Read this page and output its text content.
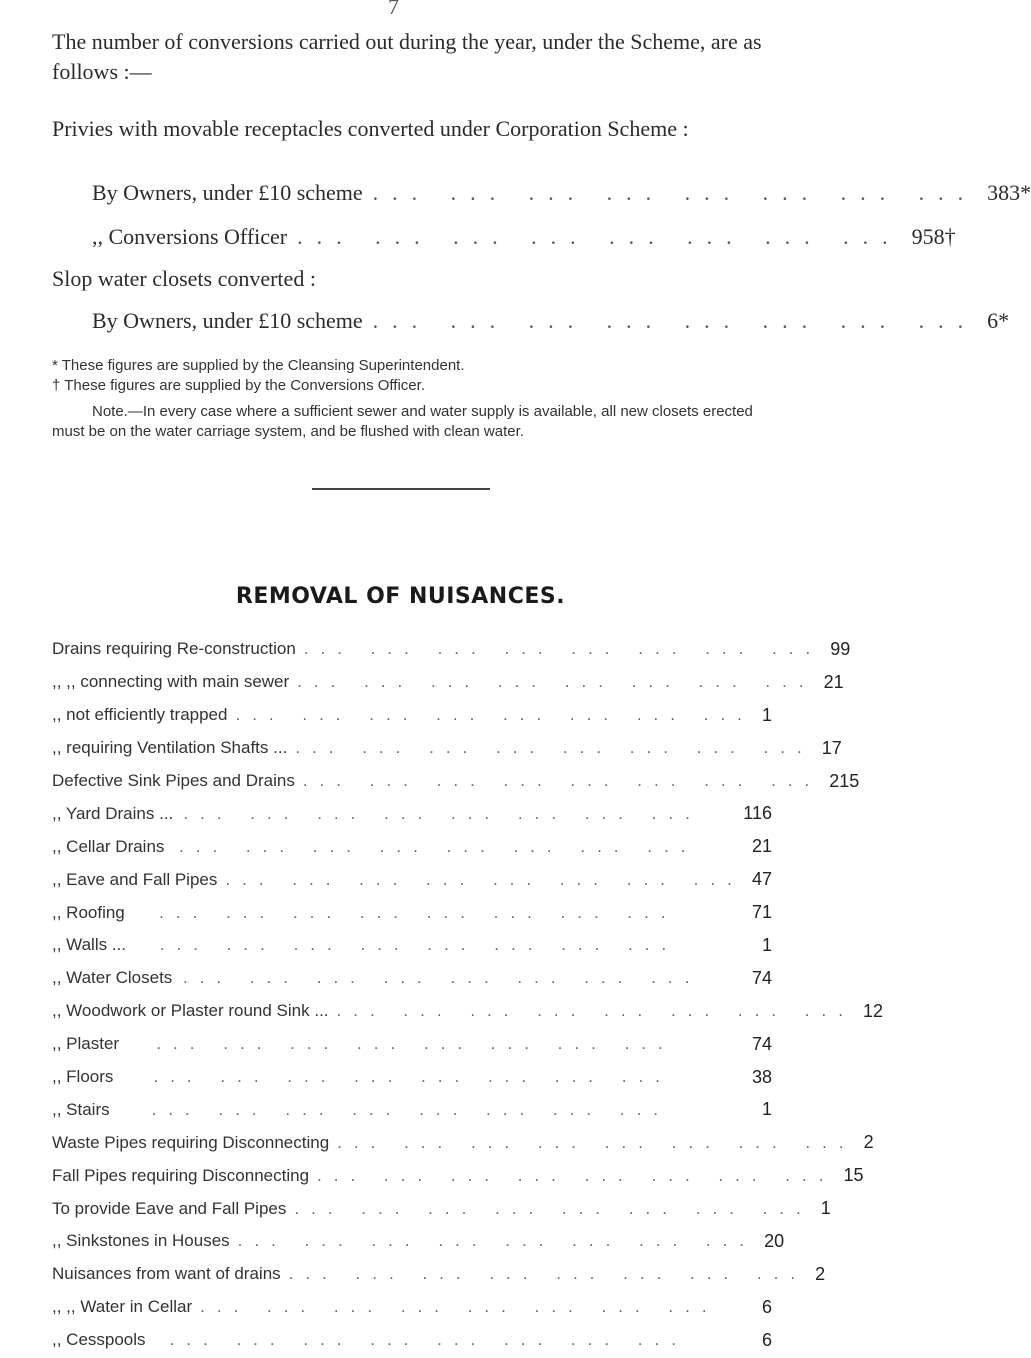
7
The number of conversions carried out during the year, under the Scheme, are as follows :—
Privies with movable receptacles converted under Corporation Scheme :
By Owners, under £10 scheme ... ... ... ... ... ... ... ... 383*
,, Conversions Officer ... ... ... ... ... ... ... ... 958†
Slop water closets converted :
By Owners, under £10 scheme ... ... ... ... ... ... ... ... 6*
* These figures are supplied by the Cleansing Superintendent.
† These figures are supplied by the Conversions Officer.
Note.—In every case where a sufficient sewer and water supply is available, all new closets erected must be on the water carriage system, and be flushed with clean water.
REMOVAL OF NUISANCES.
Drains requiring Re-construction ... ... ... ... ... ... ... ... 99
,, ,, connecting with main sewer ... ... ... ... ... ... ... ... 21
,, not efficiently trapped ... ... ... ... ... ... ... ... 1
,, requiring Ventilation Shafts ... ... ... ... ... ... ... ... ... 17
Defective Sink Pipes and Drains ... ... ... ... ... ... ... ... 215
,, Yard Drains ... ... ... ... ... ... ... ... ...	116
,, Cellar Drains ... ... ... ... ... ... ... ...	21
,, Eave and Fall Pipes ... ... ... ... ... ... ... ... 47
,, Roofing	... ... ... ... ... ... ... ...	71
,, Walls ...	... ... ... ... ... ... ... ...	1
,, Water Closets ... ... ... ... ... ... ... ...	74
,, Woodwork or Plaster round Sink ... ... ... ... ... ... ... ... ... 12
,, Plaster	... ... ... ... ... ... ... ...	74
,, Floors	... ... ... ... ... ... ... ...	38
,, Stairs	... ... ... ... ... ... ... ...	1
Waste Pipes requiring Disconnecting ... ... ... ... ... ... ... ... 2
Fall Pipes requiring Disconnecting ... ... ... ... ... ... ... ... 15
To provide Eave and Fall Pipes ... ... ... ... ... ... ... ... 1
,, Sinkstones in Houses ... ... ... ... ... ... ... ... 20
Nuisances from want of drains ... ... ... ... ... ... ... ... 2
,, ,, Water in Cellar ... ... ... ... ... ... ... ...	6
,, Cesspools	... ... ... ... ... ... ... ...	6
